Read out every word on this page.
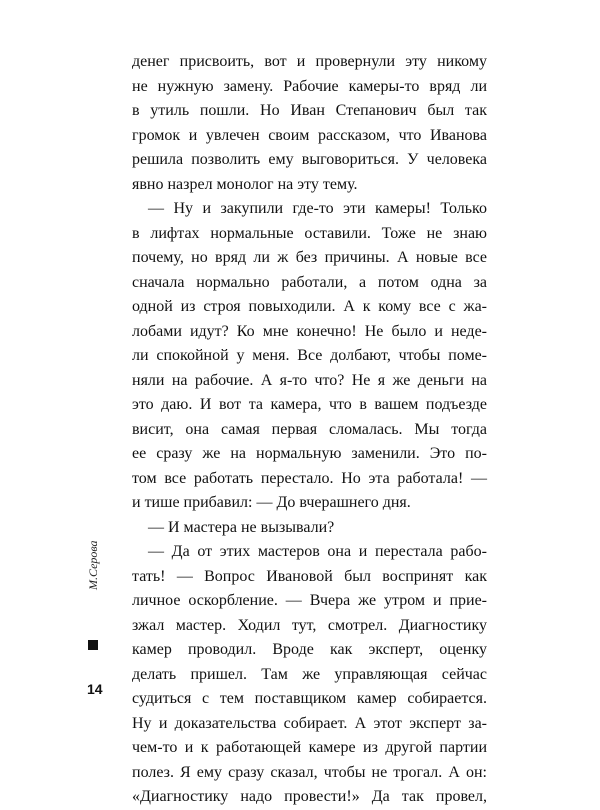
М.Серова
14
денег присвоить, вот и провернули эту никому
не нужную замену. Рабочие камеры-то вряд ли
в утиль пошли. Но Иван Степанович был так
громок и увлечен своим рассказом, что Иванова
решила позволить ему выговориться. У человека
явно назрел монолог на эту тему.
— Ну и закупили где-то эти камеры! Только
в лифтах нормальные оставили. Тоже не знаю
почему, но вряд ли ж без причины. А новые все
сначала нормально работали, а потом одна за
одной из строя повыходили. А к кому все с жа-
лобами идут? Ко мне конечно! Не было и неде-
ли спокойной у меня. Все долбают, чтобы поме-
няли на рабочие. А я-то что? Не я же деньги на
это даю. И вот та камера, что в вашем подъезде
висит, она самая первая сломалась. Мы тогда
ее сразу же на нормальную заменили. Это по-
том все работать перестало. Но эта работала! —
и тише прибавил: — До вчерашнего дня.
— И мастера не вызывали?
— Да от этих мастеров она и перестала рабо-
тать! — Вопрос Ивановой был воспринят как
личное оскорбление. — Вчера же утром и прие-
зжал мастер. Ходил тут, смотрел. Диагностику
камер проводил. Вроде как эксперт, оценку
делать пришел. Там же управляющая сейчас
судиться с тем поставщиком камер собирается.
Ну и доказательства собирает. А этот эксперт за-
чем-то и к работающей камере из другой партии
полез. Я ему сразу сказал, чтобы не трогал. А он:
«Диагностику надо провести!» Да так провел,
